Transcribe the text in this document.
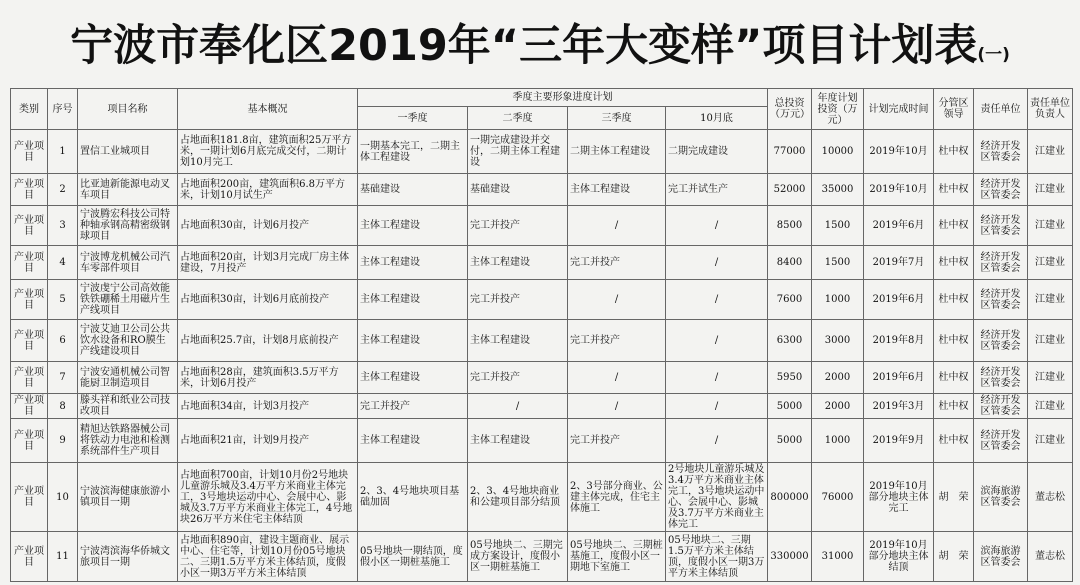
宁波市奉化区2019年“三年大变样”项目计划表(一)
类别	序号	项目名称	基本概况	季度主要形象进度计划				总投资（万元）	年度计划投资（万元）	计划完成时间	分管区领导	责任单位	责任单位负责人
				一季度	二季度	三季度	10月底						
产业项目	1	置信工业城项目	占地面积181.8亩，建筑面积25万平方米，一期计划6月底完成交付，二期计划10月完工	一期基本完工，二期主体工程建设	一期完成建设并交付，二期主体工程建设	二期主体工程建设	二期完成建设	77000	10000	2019年10月	杜中权	经济开发区管委会	江建业
产业项目	2	比亚迪新能源电动叉车项目	占地面积200亩，建筑面积6.8万平方米，计划10月试生产	基础建设	基础建设	主体工程建设	完工并试生产	52000	35000	2019年10月	杜中权	经济开发区管委会	江建业
产业项目	3	宁波腾宏科技公司特种轴承钢高精密级钢球项目	占地面积30亩，计划6月投产	主体工程建设	完工并投产	/	/	8500	1500	2019年6月	杜中权	经济开发区管委会	江建业
产业项目	4	宁波博龙机械公司汽车零部件项目	占地面积20亩，计划3月完成厂房主体建设，7月投产	主体工程建设	主体工程建设	完工并投产	/	8400	1500	2019年7月	杜中权	经济开发区管委会	江建业
产业项目	5	宁波虔宁公司高效能铁铁硼稀土用磁片生产线项目	占地面积30亩，计划6月底前投产	主体工程建设	完工并投产	/	/	7600	1000	2019年6月	杜中权	经济开发区管委会	江建业
产业项目	6	宁波艾迪卫公司公共饮水设备和RO膜生产线建设项目	占地面积25.7亩，计划8月底前投产	主体工程建设	主体工程建设	完工并投产	/	6300	3000	2019年8月	杜中权	经济开发区管委会	江建业
产业项目	7	宁波安通机械公司智能厨卫制造项目	占地面积28亩，建筑面积3.5万平方米，计划6月投产	主体工程建设	完工并投产	/	/	5950	2000	2019年6月	杜中权	经济开发区管委会	江建业
产业项目	8	滕头祥和纸业公司技改项目	占地面积34亩，计划3月投产	完工并投产	/	/	/	5000	2000	2019年3月	杜中权	经济开发区管委会	江建业
产业项目	9	精旭达铁路器械公司将铁动力电池和检测系统部件生产项目	占地面积21亩，计划9月投产	主体工程建设	主体工程建设	完工并投产	/	5000	1000	2019年9月	杜中权	经济开发区管委会	江建业
产业项目	10	宁波滨海健康旅游小镇项目一期	占地面积700亩，计划10月份2号地块儿童游乐城及3.4万平方米商业主体完工，3号地块运动中心、会展中心、影城及3.7万平方米商业主体完工，4号地块26万平方米住宅主体结顶	2、3、4号地块项目基础加固	2、3、4号地块商业和公建项目部分结顶	2、3号部分商业、公建主体完成，住宅主体施工	2号地块儿童游乐城及3.4万平方米商业主体完工，3号地块运动中心、会展中心、影城及3.7万平方米商业主体完工	800000	76000	2019年10月部分地块主体完工	胡　荣	滨海旅游区管委会	董志松
产业项目	11	宁波湾滨海华侨城文旅项目一期	占地面积890亩，建设主题商业、展示中心、住宅等，计划10月份05号地块二、三期1.5万平方米主体结顶，度假小区一期3万平方米主体结顶	05号地块一期结顶，度假小区一期桩基施工	05号地块二、三期完成方案设计，度假小区一期桩基施工	05号地块二、三期桩基施工，度假小区一期地下室施工	05号地块二、三期1.5万平方米主体结顶，度假小区一期3万平方米主体结顶	330000	31000	2019年10月部分地块主体结顶	胡　荣	滨海旅游区管委会	董志松
